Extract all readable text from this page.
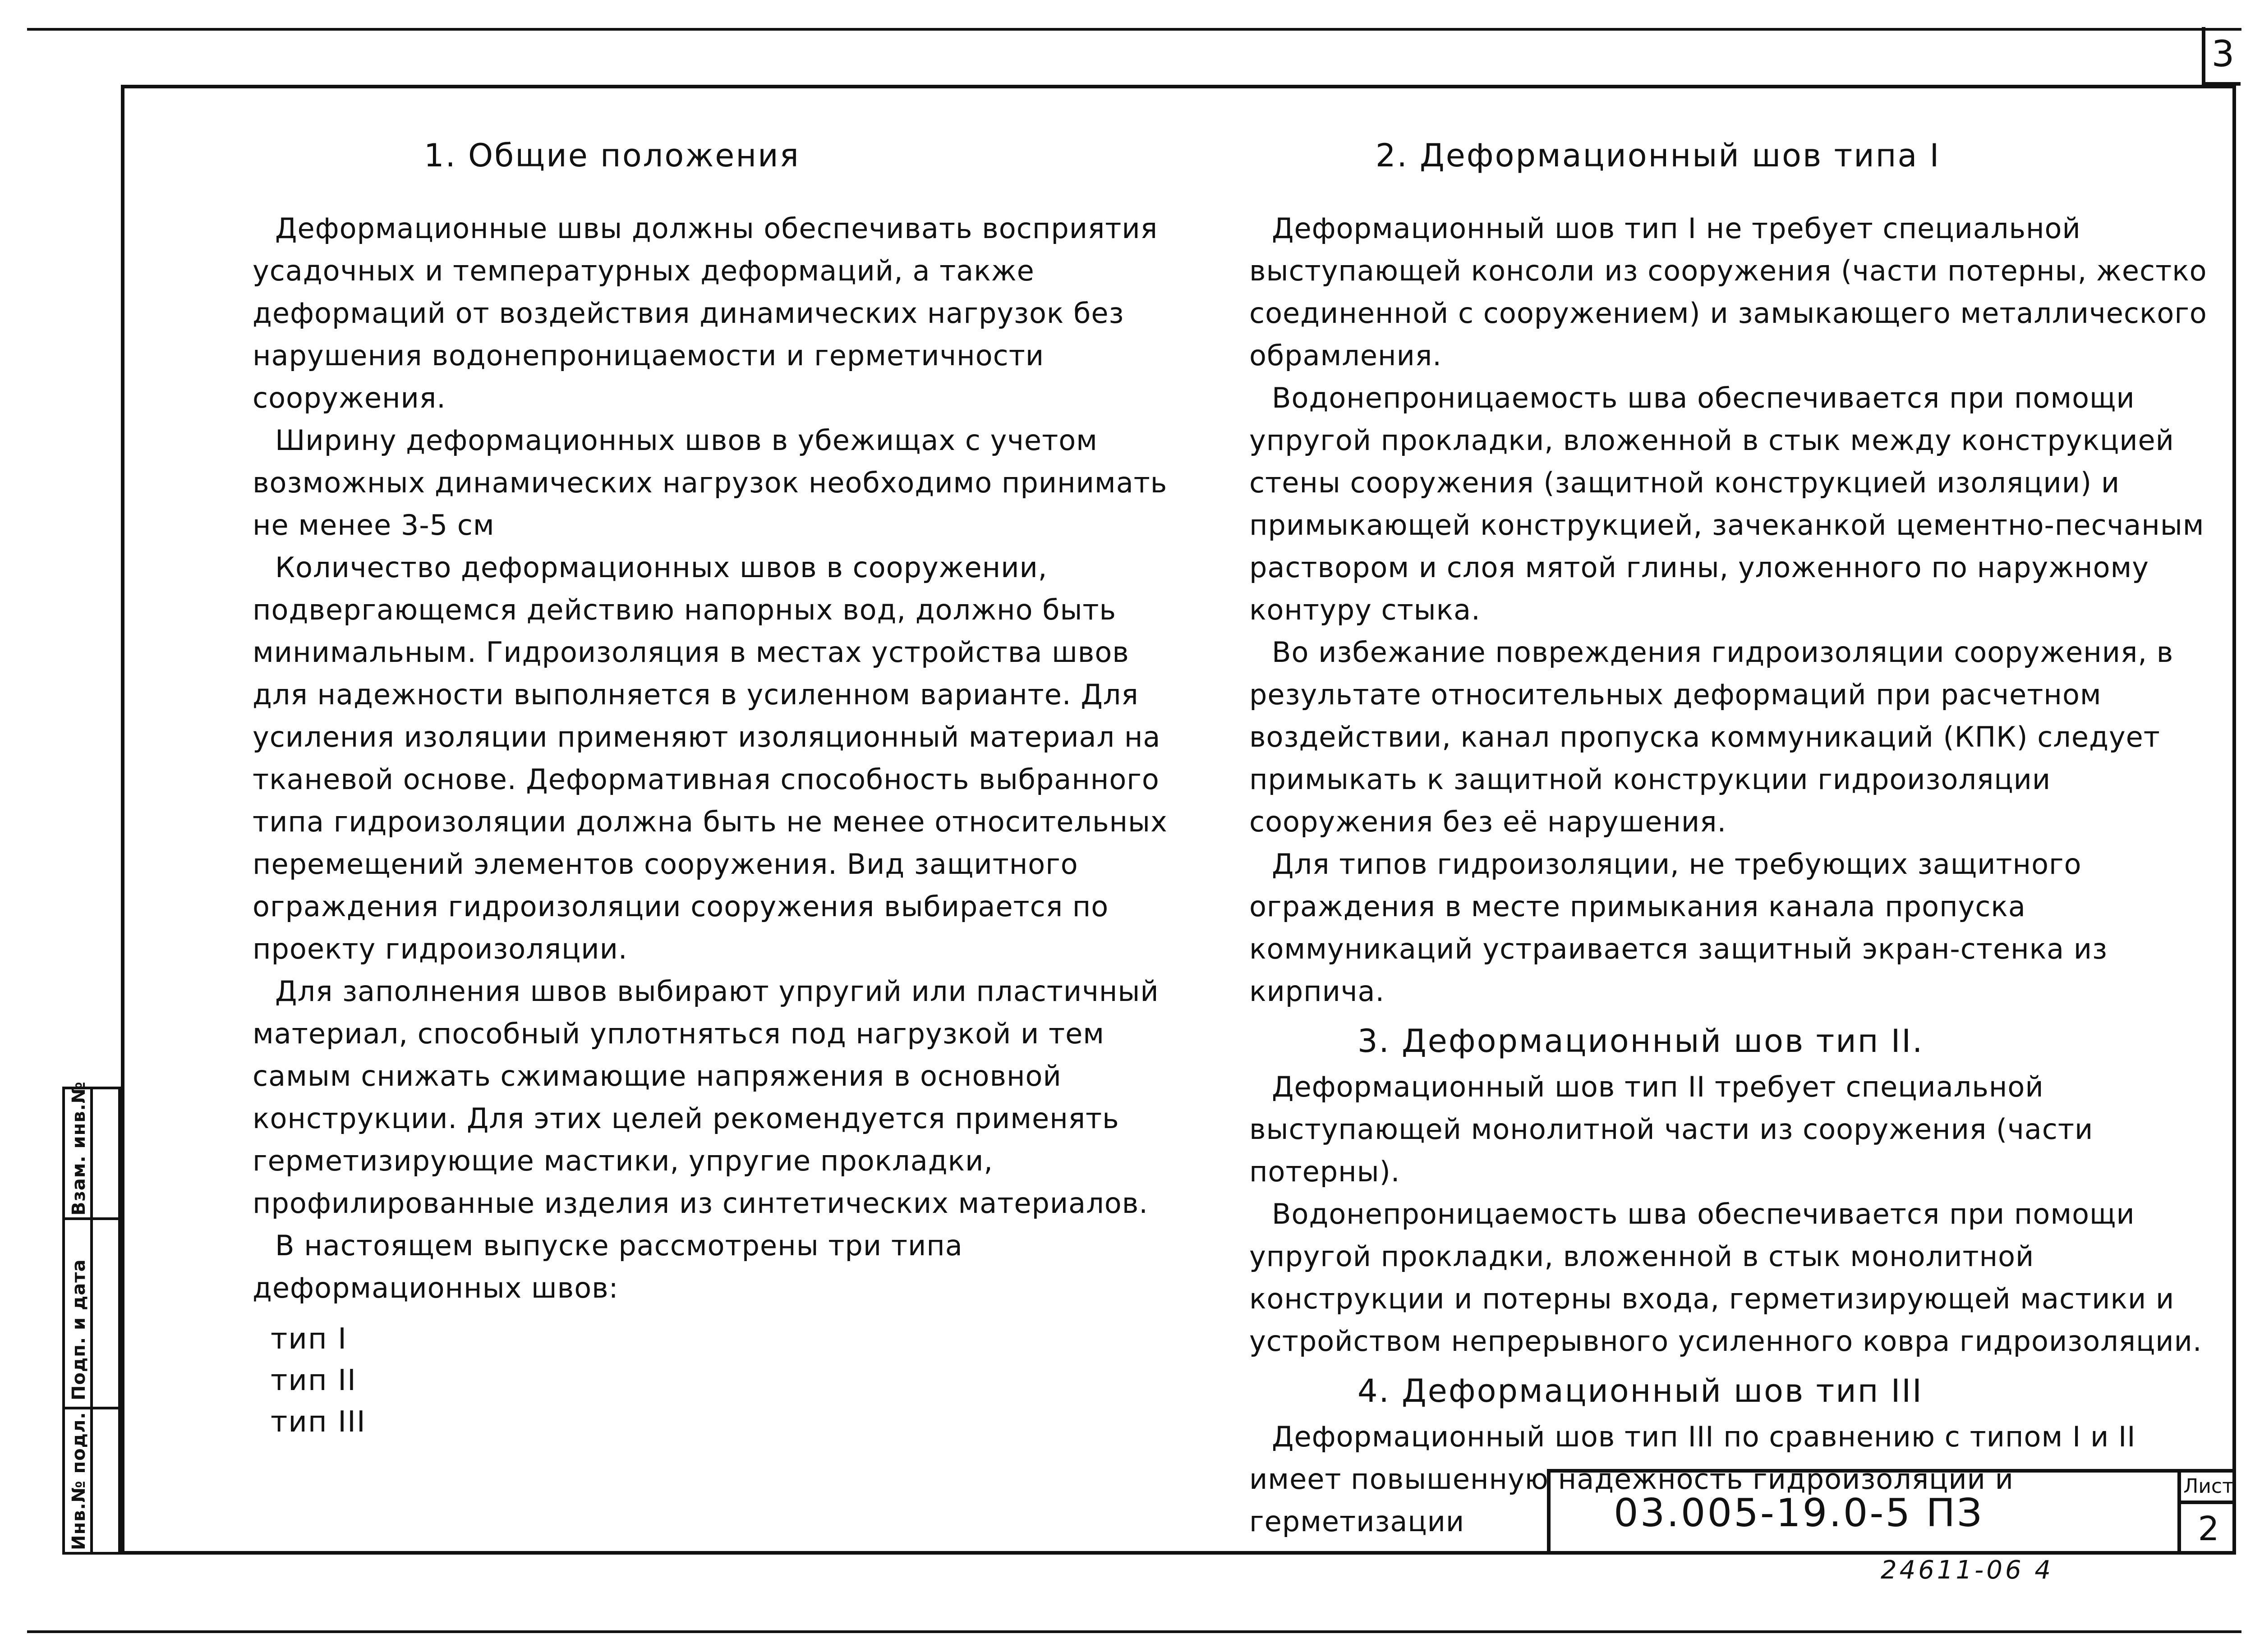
3
1. Общие положения

Деформационные швы должны обеспечивать восприятия усадочных и температурных деформаций, а также деформаций от воздействия динамических нагрузок без нарушения водонепроницаемости и герметичности сооружения.

Ширину деформационных швов в убежищах с учетом возможных динамических нагрузок необходимо принимать не менее 3-5 см

Количество деформационных швов в сооружении, подвергающемся действию напорных вод, должно быть минимальным. Гидроизоляция в местах устройства швов для надежности выполняется в усиленном варианте. Для усиления изоляции применяют изоляционный материал на тканевой основе. Деформативная способность выбранного типа гидроизоляции должна быть не менее относительных перемещений элементов сооружения. Вид защитного ограждения гидроизоляции сооружения выбирается по проекту гидроизоляции.

Для заполнения швов выбирают упругий или пластичный материал, способный уплотняться под нагрузкой и тем самым снижать сжимающие напряжения в основной конструкции. Для этих целей рекомендуется применять герметизирующие мастики, упругие прокладки, профилированные изделия из синтетических материалов.

В настоящем выпуске рассмотрены три типа деформационных швов:

тип I
тип II
тип III
2. Деформационный шов типа I

Деформационный шов тип I не требует специальной выступающей консоли из сооружения (части потерны, жестко соединенной с сооружением) и замыкающего металлического обрамления.

Водонепроницаемость шва обеспечивается при помощи упругой прокладки, вложенной в стык между конструкцией стены сооружения (защитной конструкцией изоляции) и примыкающей конструкцией, зачеканкой цементно-песчаным раствором и слоя мятой глины, уложенного по наружному контуру стыка.

Во избежание повреждения гидроизоляции сооружения, в результате относительных деформаций при расчетном воздействии, канал пропуска коммуникаций (КПК) следует примыкать к защитной конструкции гидроизоляции сооружения без её нарушения.

Для типов гидроизоляции, не требующих защитного ограждения в месте примыкания канала пропуска коммуникаций устраивается защитный экран-стенка из кирпича.

3. Деформационный шов тип II.

Деформационный шов тип II требует специальной выступающей монолитной части из сооружения (части потерны).

Водонепроницаемость шва обеспечивается при помощи упругой прокладки, вложенной в стык монолитной конструкции и потерны входа, герметизирующей мастики и устройством непрерывного усиленного ковра гидроизоляции.

4. Деформационный шов тип III

Деформационный шов тип III по сравнению с типом I и II имеет повышенную надежность гидроизоляции и герметизации	03.005-19.0-5 ПЗ
Лист
2
24611-06 4
Взам. инв.№
Подп. и дата
Инв.№ подл.
